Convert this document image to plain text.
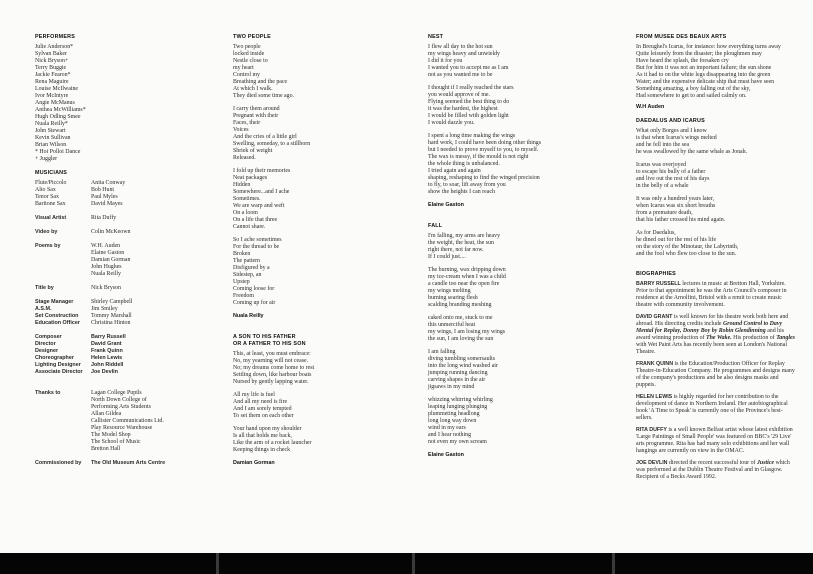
PERFORMERS
Julie Anderson*
Sylvan Baker
Nick Bryson+
Terry Buggie
Jackie Fearon*
Rena Maguire
Louise McIlwaine
Ivor McIntyre
Angie McManus
Anthea McWilliams*
Hugh Odling Smee
Nuala Reilly*
John Stewart
Kevin Sullivan
Brian Wilson
* Hoi Polloi Dance
+ Juggler
MUSICIANS
Flute/Piccolo	Anita Conway
Alto Sax	Bob Hunt
Tenor Sax	Paul Myles
Baritone Sax	David Mayes
Visual Artist	Rita Duffy
Video by	Colin McKeown
Poems by	W.H. Auden
Elaine Gaston
Damian Gorman
John Hughes
Nuala Reilly
Title by	Nick Bryson
Stage Manager	Shirley Campbell
A.S.M.	Jim Smiley
Set Construction	Tommy Marshall
Education Officer	Christina Hinton
Composer	Barry Russell
Director	David Grant
Designer	Frank Quinn
Choreographer	Helen Lewis
Lighting Designer	John Riddell
Associate Director	Joe Devlin
Thanks to	Lagan College Pupils
North Down College of
Performing Arts Students
Allan Gildea
Callister Communications Ltd.
Play Resource Warehouse
The Model Shop
The School of Music
Bretton Hall
Commissioned by	The Old Museum Arts Centre
TWO PEOPLE
Two people
locked inside
Nestle close to
my heart
Control my
Breathing and the pace
At which I walk.
They died some time ago.
I carry them around
Pregnant with their
Faces, their
Voices
And the cries of a little girl
Swelling, someday, to a stillborn
Shriek of weight
Released.
I fold up their memories
Neat packages
Hidden
Somewhere...and I ache
Sometimes.
We are warp and weft
On a loom
On a life that three
Cannot share.
So I ache sometimes
For the thread to be
Broken
The pattern
Disfigured by a
Sidestep, an
Upstep
Coming loose for
Freedom
Coming up for air
Nuala Reilly
A SON TO HIS FATHER
OR A FATHER TO HIS SON
This, at least, you must embrace:
No, my yearning will not cease.
No; my dreams come home to rest
Settling down, like harbour boats
Nursed by gently lapping water.
All my life is fuel
And all my need is fire
And I am sorely tempted
To set them on each other
Your hand upon my shoulder
Is all that holds me back,
Like the arm of a rocket launcher
Keeping things in check
Damian Gorman
NEST
I flew all day to the hot sun
my wings heavy and unwieldy
I did it for you
I wanted you to accept me as I am
not as you wanted me to be
I thought if I really reached the stars
you would approve of me.
Flying seemed the best thing to do
it was the hardest, the highest
I would be filled with golden light
I would dazzle you.
I spent a long time making the wings
hard work, I could have been doing other things
but I needed to prove myself to you, to myself.
The wax is messy, if the mould is not right
the whole thing is unbalanced.
I tried again and again
shaping, reshaping to find the winged precision
to fly, to soar, lift away from you
show the heights I can reach
Elaine Gaston
FALL
I'm falling, my arms are heavy
the weight, the heat, the sun
right there, not far now.
If I could just....
The burning, wax dripping down
my ice-cream when I was a child
a candle too near the open fire
my wings melting
burning searing flesh
scalding branding meshing
caked onto me, stuck to me
this unmerciful heat
my wings, I am losing my wings
the sun, I am loving the sun
I am falling
diving tumbling somersaults
into the long wind washed air
jumping running dancing
carving shapes in the air
jigsaws in my mind
whizzing whirring whirling
leaping lunging plunging
plummeting headlong
long long way down
wind in my ears
and I hear nothing
not even my own scream
Elaine Gaston
FROM MUSEE DES BEAUX ARTS
In Breughel's Icarus, for instance: how everything turns away
Quite leisurely from the disaster; the ploughmen may
Have heard the splash, the forsaken cry
But for him it was not an important failure; the sun shone
As it had to on the white legs disappearing into the green
Water; and the expensive delicate ship that must have seen
Something amazing, a boy falling out of the sky,
Had somewhere to get to and sailed calmly on.
W.H Auden
DAEDALUS AND ICARUS
What only Borges and I know
is that when Icarus's wings melted
and he fell into the sea
he was swallowed by the same whale as Jonah.
Icarus was overjoyed
to escape his bully of a father
and live out the rest of his days
in the belly of a whale
It was only a hundred years later,
when Icarus was six short breaths
from a premature death,
that his father crossed his mind again.
As for Daedalus,
he dined out for the rest of his life
on the story of the Minotaur, the Labyrinth,
and the fool who flew too close to the sun.
BIOGRAPHIES
BARRY RUSSELL lectures in music at Bretton Hall, Yorkshire. Prior to that appointment he was the Arts Council's composer in residence at the Arnolfini, Bristol with a remit to create music theatre with community involvement.
DAVID GRANT is well known for his theatre work both here and abroad. His directing credits include Ground Control to Davy Mental for Replay, Donny Boy by Robin Glendinning and his award winning production of The Wake. His production of Tangles with Wet Paint Arts has recently been seen at London's National Theatre.
FRANK QUINN is the Education/Production Officer for Replay Theatre-in-Education Company. He programmes and designs many of the company's productions and he also designs masks and puppets.
HELEN LEWIS is highly regarded for her contribution to the development of dance in Northern Ireland. Her autobiographical book 'A Time to Speak' is currently one of the Province's best-sellers.
RITA DUFFY is a well known Belfast artist whose latest exhibition 'Large Paintings of Small People' was featured on BBC's '29 Live' arts programme. Rita has had many solo exhibitions and her wall hangings are currently on view in the OMAC.
JOE DEVLIN directed the recent successful tour of Justice which was performed at the Dublin Theatre Festival and in Glasgow. Recipient of a Becks Award 1992.
